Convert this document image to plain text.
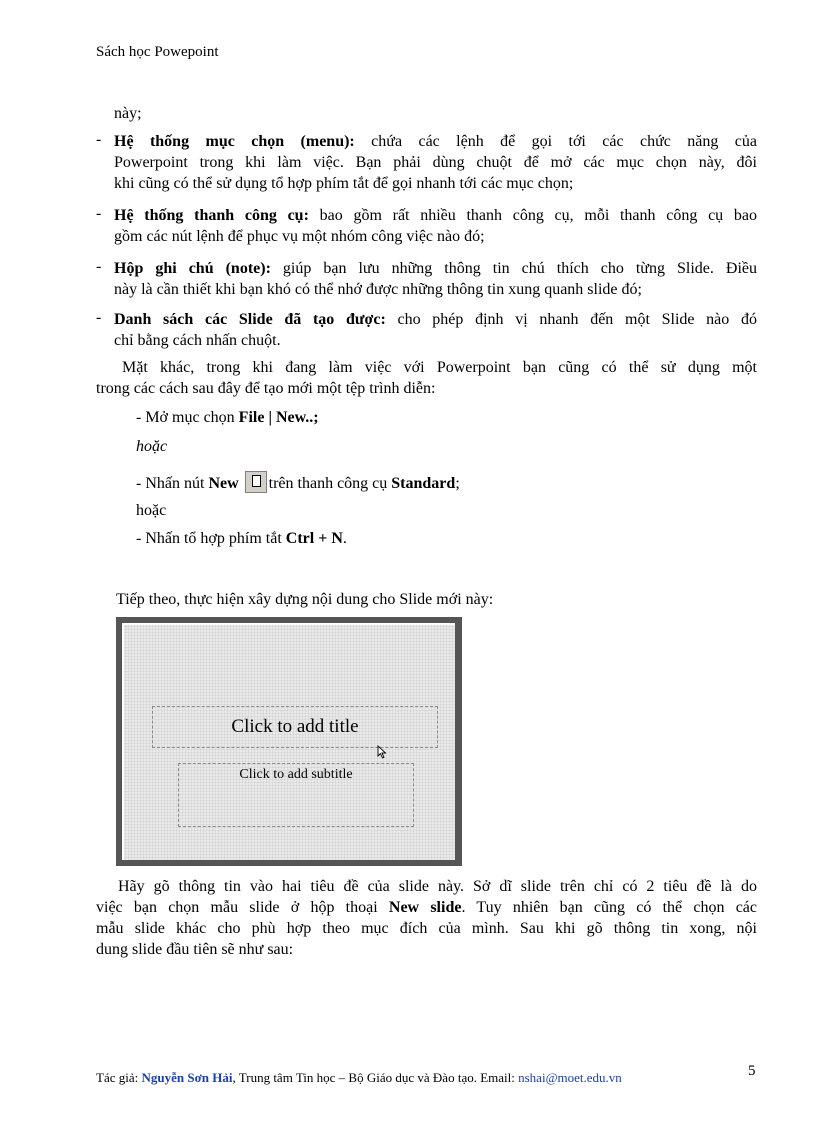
Sách học Powepoint
này;
- Hệ thống mục chọn (menu): chứa các lệnh để gọi tới các chức năng của
Powerpoint trong khi làm việc. Bạn phải dùng chuột để mở các mục chọn này, đôi
khi cũng có thể sử dụng tổ hợp phím tắt để gọi nhanh tới các mục chọn;
- Hệ thống thanh công cụ: bao gồm rất nhiều thanh công cụ, mỗi thanh công cụ bao
gồm các nút lệnh để phục vụ một nhóm công việc nào đó;
- Hộp ghi chú (note): giúp bạn lưu những thông tin chú thích cho từng Slide. Điều
này là cần thiết khi bạn khó có thể nhớ được những thông tin xung quanh slide đó;
- Danh sách các Slide đã tạo được: cho phép định vị nhanh đến một Slide nào đó
chỉ bằng cách nhấn chuột.
Mặt khác, trong khi đang làm việc với Powerpoint bạn cũng có thể sử dụng một
trong các cách sau đây để tạo mới một tệp trình diễn:
- Mở mục chọn File | New..;
hoặc
- Nhấn nút New trên thanh công cụ Standard;
hoặc
- Nhấn tổ hợp phím tắt Ctrl + N.
Tiếp theo, thực hiện xây dựng nội dung cho Slide mới này:
Click to add title
Click to add subtitle
Hãy gõ thông tin vào hai tiêu đề của slide này. Sở dĩ slide trên chỉ có 2 tiêu đề là do
việc bạn chọn mẫu slide ở hộp thoại New slide. Tuy nhiên bạn cũng có thể chọn các
mẫu slide khác cho phù hợp theo mục đích của mình. Sau khi gõ thông tin xong, nội
dung slide đầu tiên sẽ như sau:
Tác giả: Nguyễn Sơn Hải, Trung tâm Tin học – Bộ Giáo dục và Đào tạo. Email: nshai@moet.edu.vn	5
